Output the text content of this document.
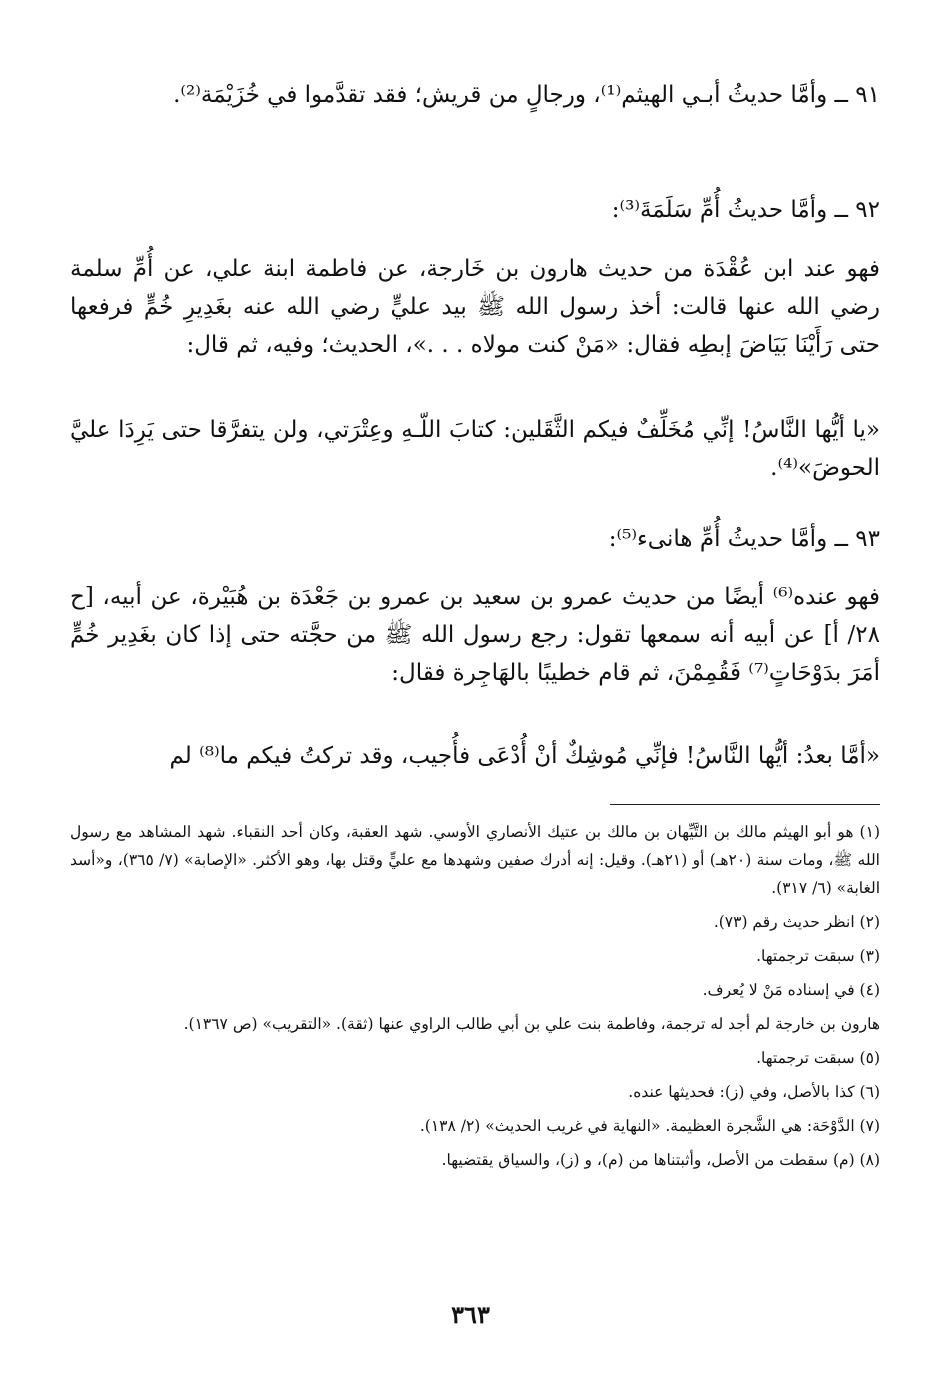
٩١ ــ وأمَّا حديثُ أبـي الهيثم⁽¹⁾، ورجالٍ من قريش؛ فقد تقدَّموا في خُزَيْمَة⁽²⁾.

٩٢ ــ وأمَّا حديثُ أُمِّ سَلَمَةَ⁽³⁾:

فهو عند ابن عُقْدَة من حديث هارون بن خَارجة، عن فاطمة ابنة علي، عن أُمِّ سلمة رضي الله عنها قالت: أخذ رسول الله ﷺ بيد عليٍّ رضي الله عنه بغَدِيرِ خُمٍّ فرفعها حتى رَأَيْنَا بَيَاضَ إبطِه فقال: «مَنْ كنت مولاه . . .»، الحديث؛ وفيه، ثم قال:

«يا أيُّها النَّاسُ! إنِّي مُخَلِّفٌ فيكم الثَّقَلين: كتابَ اللّـهِ وعِتْرَتي، ولن يتفرَّقا حتى يَرِدَا عليَّ الحوضَ»⁽⁴⁾.

٩٣ ــ وأمَّا حديثُ أُمِّ هانىء⁽⁵⁾:

فهو عنده⁽⁶⁾ أيضًا من حديث عمرو بن سعيد بن عمرو بن جَعْدَة بن هُبَيْرة، عن أبيه، [ح ٢٨/ أ] عن أبيه أنه سمعها تقول: رجع رسول الله ﷺ من حجَّته حتى إذا كان بغَدِير خُمٍّ أمَرَ بدَوْحَاتٍ⁽⁷⁾ فَقُمِمْنَ، ثم قام خطيبًا بالهَاجِرة فقال:

«أمَّا بعدُ: أيُّها النَّاسُ! فإنِّي مُوشِكٌ أنْ أُدْعَى فأُجيب، وقد تركتُ فيكم ما⁽⁸⁾ لم

(١) هو أبو الهيثم مالك بن التَّيِّهان بن مالك بن عتيك الأنصاري الأوسي. شهد العقبة، وكان أحد النقباء. شهد المشاهد مع رسول الله ﷺ، ومات سنة (٢٠هـ) أو (٢١هـ). وقيل: إنه أدرك صفين وشهدها مع عليٍّ وقتل بها، وهو الأكثر. «الإصابة» (٧/ ٣٦٥)، و«أسد الغابة» (٦/ ٣١٧).

(٢) انظر حديث رقم (٧٣).

(٣) سبقت ترجمتها.

(٤) في إسناده مَنْ لا يُعرف.

هارون بن خارجة لم أجد له ترجمة، وفاطمة بنت علي بن أبي طالب الراوي عنها (ثقة). «التقريب» (ص ١٣٦٧).

(٥) سبقت ترجمتها.

(٦) كذا بالأصل، وفي (ز): فحديثها عنده.

(٧) الدَّوْحَة: هي الشَّجرة العظيمة. «النهاية في غريب الحديث» (٢/ ١٣٨).

(٨) (م) سقطت من الأصل، وأثبتناها من (م)، و (ز)، والسياق يقتضيها.

٣٦٣
